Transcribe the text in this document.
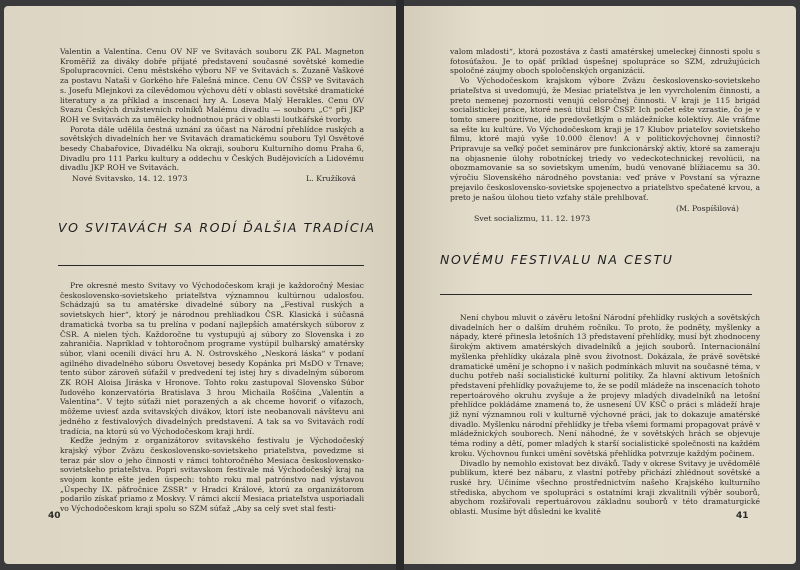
Valentin a Valentína. Cenu OV NF ve Svitavách souboru ZK PAL Magneton Kroměříž za diváky dobře přijaté představení současné sovětské komedie Spolupracovníci. Cenu městského výboru NF ve Svitavách s. Zuzaně Vaškové za postavu Nataši v Gorkého hře Falešná mince. Cenu OV ČSSP ve Svitavách s. Josefu Mlejnkovi za cílevědomou výchovu dětí v oblasti sovětské dramatické literatury a za příklad a inscenaci hry A. Loseva Malý Herakles. Cenu OV Svazu Českých družstevních rolníků Malému divadlu — souboru „C“ při JKP ROH ve Svitavách za umělecky hodnotnou práci v oblasti loutkářské tvorby.

Porota dále udělila čestná uznání za účast na Národní přehlídce ruských a sovětských divadelních her ve Svitavách dramatickému souboru Tyl Osvětové besedy Chabařovice, Divadélku Na okraji, souboru Kulturního domu Praha 6, Divadlu pro 111 Parku kultury a oddechu v Českých Budějovicích a Lidovému divadlu JKP ROH ve Svitavách.

Nové Svitavsko, 14. 12. 1973	L. Kružíková
VO SVITAVÁCH SA RODÍ ĎALŠIA TRADÍCIA

Pre okresné mesto Svitavy vo Východočeskom kraji je každoročný Mesiac československo-sovietskeho priateľstva významnou kultúrnou udalosťou. Schádzajú sa tu amatérske divadelné súbory na „Festival ruských a sovietskych hier“, ktorý je národnou prehliadkou ČSR. Klasická i súčasná dramatická tvorba sa tu prelína v podaní najlepších amatérskych súborov z ČSR. A nielen tých. Každoročne tu vystupujú aj súbory zo Slovenska i zo zahraničia. Napríklad v tohtoročnom programe vystúpil bulharský amatérsky súbor, vlani ocenili divácí hru A. N. Ostrovského „Neskorá láska“ v podaní agilného divadelného súboru Osvetovej besedy Kopánka pri MsDO v Trnave; tento súbor zároveň súťažil v predvedení tej istej hry s divadelným súborom ZK ROH Aloisa Jiráska v Hronove. Tohto roku zastupoval Slovensko Súbor ľudového konzervatória Bratislava 3 hrou Michaila Roščina „Valentín a Valentína“. V tejto súťaži niet porazených a ak chceme hovoriť o víťazoch, môžeme uviesť azda svitavských divákov, ktorí iste neobanovali návštevu ani jedného z festivalových divadelných predstavení. A tak sa vo Svitavách rodí tradícia, na ktorú sú vo Východočeskom kraji hrdí.

Keďže jedným z organizátorov svitavského festivalu je Východočeský krajský výbor Zväzu československo-sovietskeho priateľstva, povedzme si teraz pár slov o jeho činnosti v rámci tohtoročného Mesiaca československo-sovietskeho priateľstva. Popri svitavskom festivale má Východočeský kraj na svojom konte ešte jeden úspech: tohto roku mal patrónstvo nad výstavou „Úspechy IX. päťročnice ZSSR“ v Hradci Králové, ktorú za organizátorom podarilo získať priamo z Moskvy. V rámci akcií Mesiaca priateľstva usporiadali vo Východočeskom kraji spolu so SZM súťaž „Aby sa celý svet stal festi-

40

valom mladosti“, ktorá pozostáva z časti amatérskej umeleckej činnosti spolu s fotosúťažou. Je to opäť príklad úspešnej spolupráce so SZM, združujúcich spoločné záujmy oboch spoločenských organizácií.

Vo Východočeskom krajskom výbore Zväzu československo-sovietskeho priateľstva si uvedomujú, že Mesiac priateľstva je len vyvrcholením činnosti, a preto nemenej pozornosti venujú celoročnej činnosti. V kraji je 115 brigád socialistickej práce, ktoré nesú titul BSP ČSSP. Ich počet ešte vzrastie, čo je v tomto smere pozitívne, ide predovšetkým o mládežnícke kolektívy. Ale vráťme sa ešte ku kultúre. Vo Východočeskom kraji je 17 Klubov priateľov sovietskeho filmu, ktoré majú vyše 10.000 členov! A v politickovýchovnej činnosti? Pripravuje sa veľký počet seminárov pre funkcionárský aktív, ktoré sa zameraju na objasnenie úlohy robotníckej triedy vo vedeckotechnickej revolúcii, na obozmamovanie sa so sovietskym umením, budú venované blížiacemu sa 30. výročiu Slovenského národného povstania: veď práve v Povstaní sa výrazne prejavilo československo-sovietske spojenectvo a priateľstvo spečatené krvou, a preto je našou úlohou tieto vzťahy stále prehlbovať.

(M. Pospíšilová)
Svet socializmu, 11. 12. 1973
NOVÉMU FESTIVALU NA CESTU

Není chybou mluvit o závěru letošní Národní přehlídky ruských a sovětských divadelních her o dalším druhém ročníku. To proto, že podněty, myšlenky a nápady, které přinesla letošních 13 představení přehlídky, musí být zhodnoceny širokým aktivem amatérských divadelníků a jejich souborů. Internacionální myšlenka přehlídky ukázala plně svou životnost. Dokázala, že právě sovětské dramatické umění je schopno i v našich podmínkách mluvit na současné téma, v duchu potřeb naší socialistické kulturní politiky. Za hlavní aktivum letošních představení přehlídky považujeme to, že se podíl mládeže na inscenacích tohoto repertoárového okruhu zvyšuje a že projevy mladých divadelníků na letošní přehlídce pokládáme znamená to, že usnesení ÚV KSČ o práci s mládeží hraje již nyní významnou roli v kulturně výchovné práci, jak to dokazuje amatérské divadlo. Myšlenku národní přehlídky je třeba všemi formami propagovat právě v mládežnických souborech. Není náhodné, že v sovětských hrách se objevuje téma rodiny a dětí, pomer mladých k starší socialistické společnosti na každém kroku. Výchovnou funkci umění sovětská přehlídka potvrzuje každým počinem.

Divadlo by nemohlo existovat bez diváků. Tady v okrese Svitavy je uvědomělé publikum, které bez nábaru, z vlastní potřeby přichází zhlédnout sovětské a ruské hry. Učiníme všechno prostřednictvím našeho Krajského kulturního střediska, abychom ve spolupráci s ostatními kraji zkvalitnili výběr souborů, abychom rozšiřovali repertuárovou základnu souborů v této dramaturgické oblasti. Musíme být důsledni ke kvalitě	41
